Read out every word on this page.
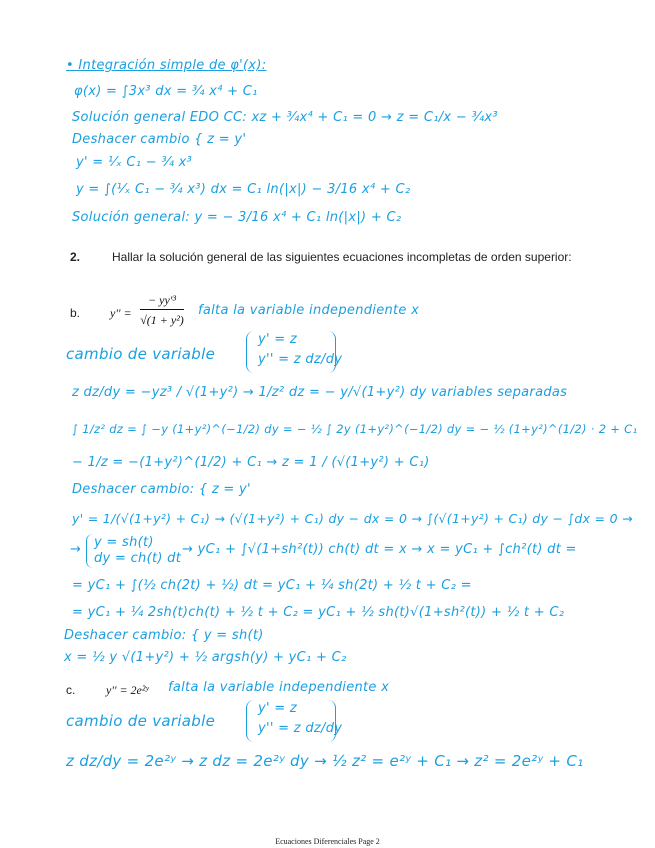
• Integración simple de φ'(x):
φ(x) = ∫3x³ dx = ¾ x⁴ + C₁
Solución general EDO CC: xz + ¾x⁴ + C₁ = 0 → z = C₁/x − ¾x³
Deshacer cambio { z = y'
y' = ¹⁄ₓ C₁ − ¾ x³
y = ∫(¹⁄ₓ C₁ − ¾ x³) dx = C₁ ln(|x|) − 3/16 x⁴ + C₂
Solución general: y = − 3/16 x⁴ + C₁ ln(|x|) + C₂
2.	Hallar la solución general de las siguientes ecuaciones incompletas de orden superior:
b. y'' =
− yy'³
√(1 + y²)
falta la variable independiente x
cambio de variable
y' = z
y'' = z dz/dy
z dz/dy = −yz³ / √(1+y²) → 1/z² dz = − y/√(1+y²) dy variables separadas
∫ 1/z² dz = ∫ −y (1+y²)^(−1/2) dy = − ½ ∫ 2y (1+y²)^(−1/2) dy = − ½ (1+y²)^(1/2) · 2 + C₁
− 1/z = −(1+y²)^(1/2) + C₁ → z = 1 / (√(1+y²) + C₁)
Deshacer cambio: { z = y'
y' = 1/(√(1+y²) + C₁) → (√(1+y²) + C₁) dy − dx = 0 → ∫(√(1+y²) + C₁) dy − ∫dx = 0 →
→ y = sh(t)
dy = ch(t) dt
→ yC₁ + ∫√(1+sh²(t)) ch(t) dt = x → x = yC₁ + ∫ch²(t) dt =
= yC₁ + ∫(½ ch(2t) + ½) dt = yC₁ + ¼ sh(2t) + ½ t + C₂ =
= yC₁ + ¼ 2sh(t)ch(t) + ½ t + C₂ = yC₁ + ½ sh(t)√(1+sh²(t)) + ½ t + C₂
Deshacer cambio: { y = sh(t)
x = ½ y √(1+y²) + ½ argsh(y) + yC₁ + C₂
c.	y'' = 2e²ʸ falta la variable independiente x
cambio de variable
y' = z
y'' = z dz/dy
z dz/dy = 2e²ʸ → z dz = 2e²ʸ dy → ½ z² = e²ʸ + C₁ → z² = 2e²ʸ + C₁
Ecuaciones Diferenciales Page 2
